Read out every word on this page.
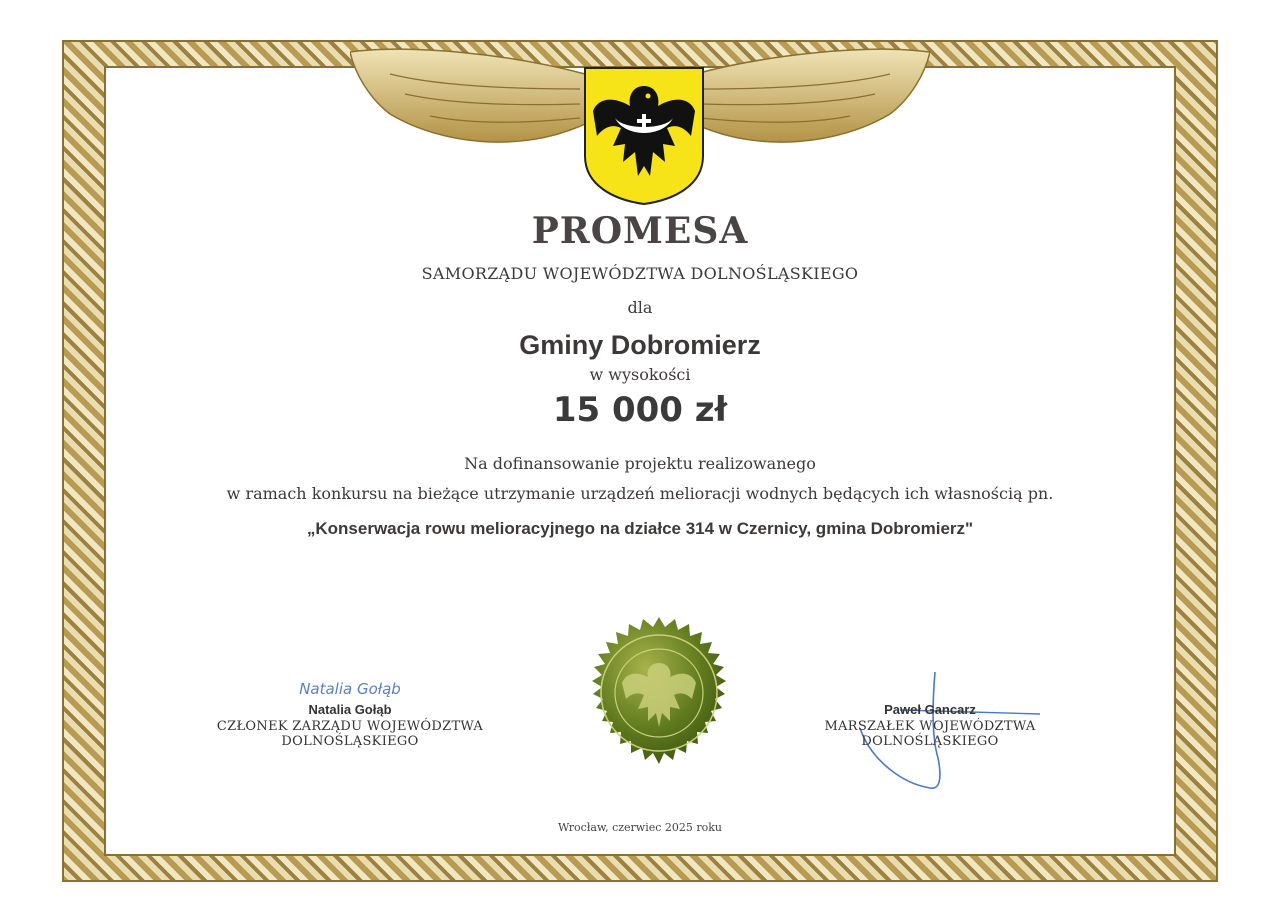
PROMESA
SAMORZĄDU WOJEWÓDZTWA DOLNOŚLĄSKIEGO
dla
Gminy Dobromierz
w wysokości
15 000 zł
Na dofinansowanie projektu realizowanego
w ramach konkursu na bieżące utrzymanie urządzeń melioracji wodnych będących ich własnością pn.
„Konserwacja rowu melioracyjnego na działce 314 w Czernicy, gmina Dobromierz"
Natalia Gołąb
Natalia Gołąb
CZŁONEK ZARZĄDU WOJEWÓDZTWA DOLNOŚLĄSKIEGO
Paweł Gancarz
MARSZAŁEK WOJEWÓDZTWA DOLNOŚLĄSKIEGO
Wrocław, czerwiec 2025 roku
